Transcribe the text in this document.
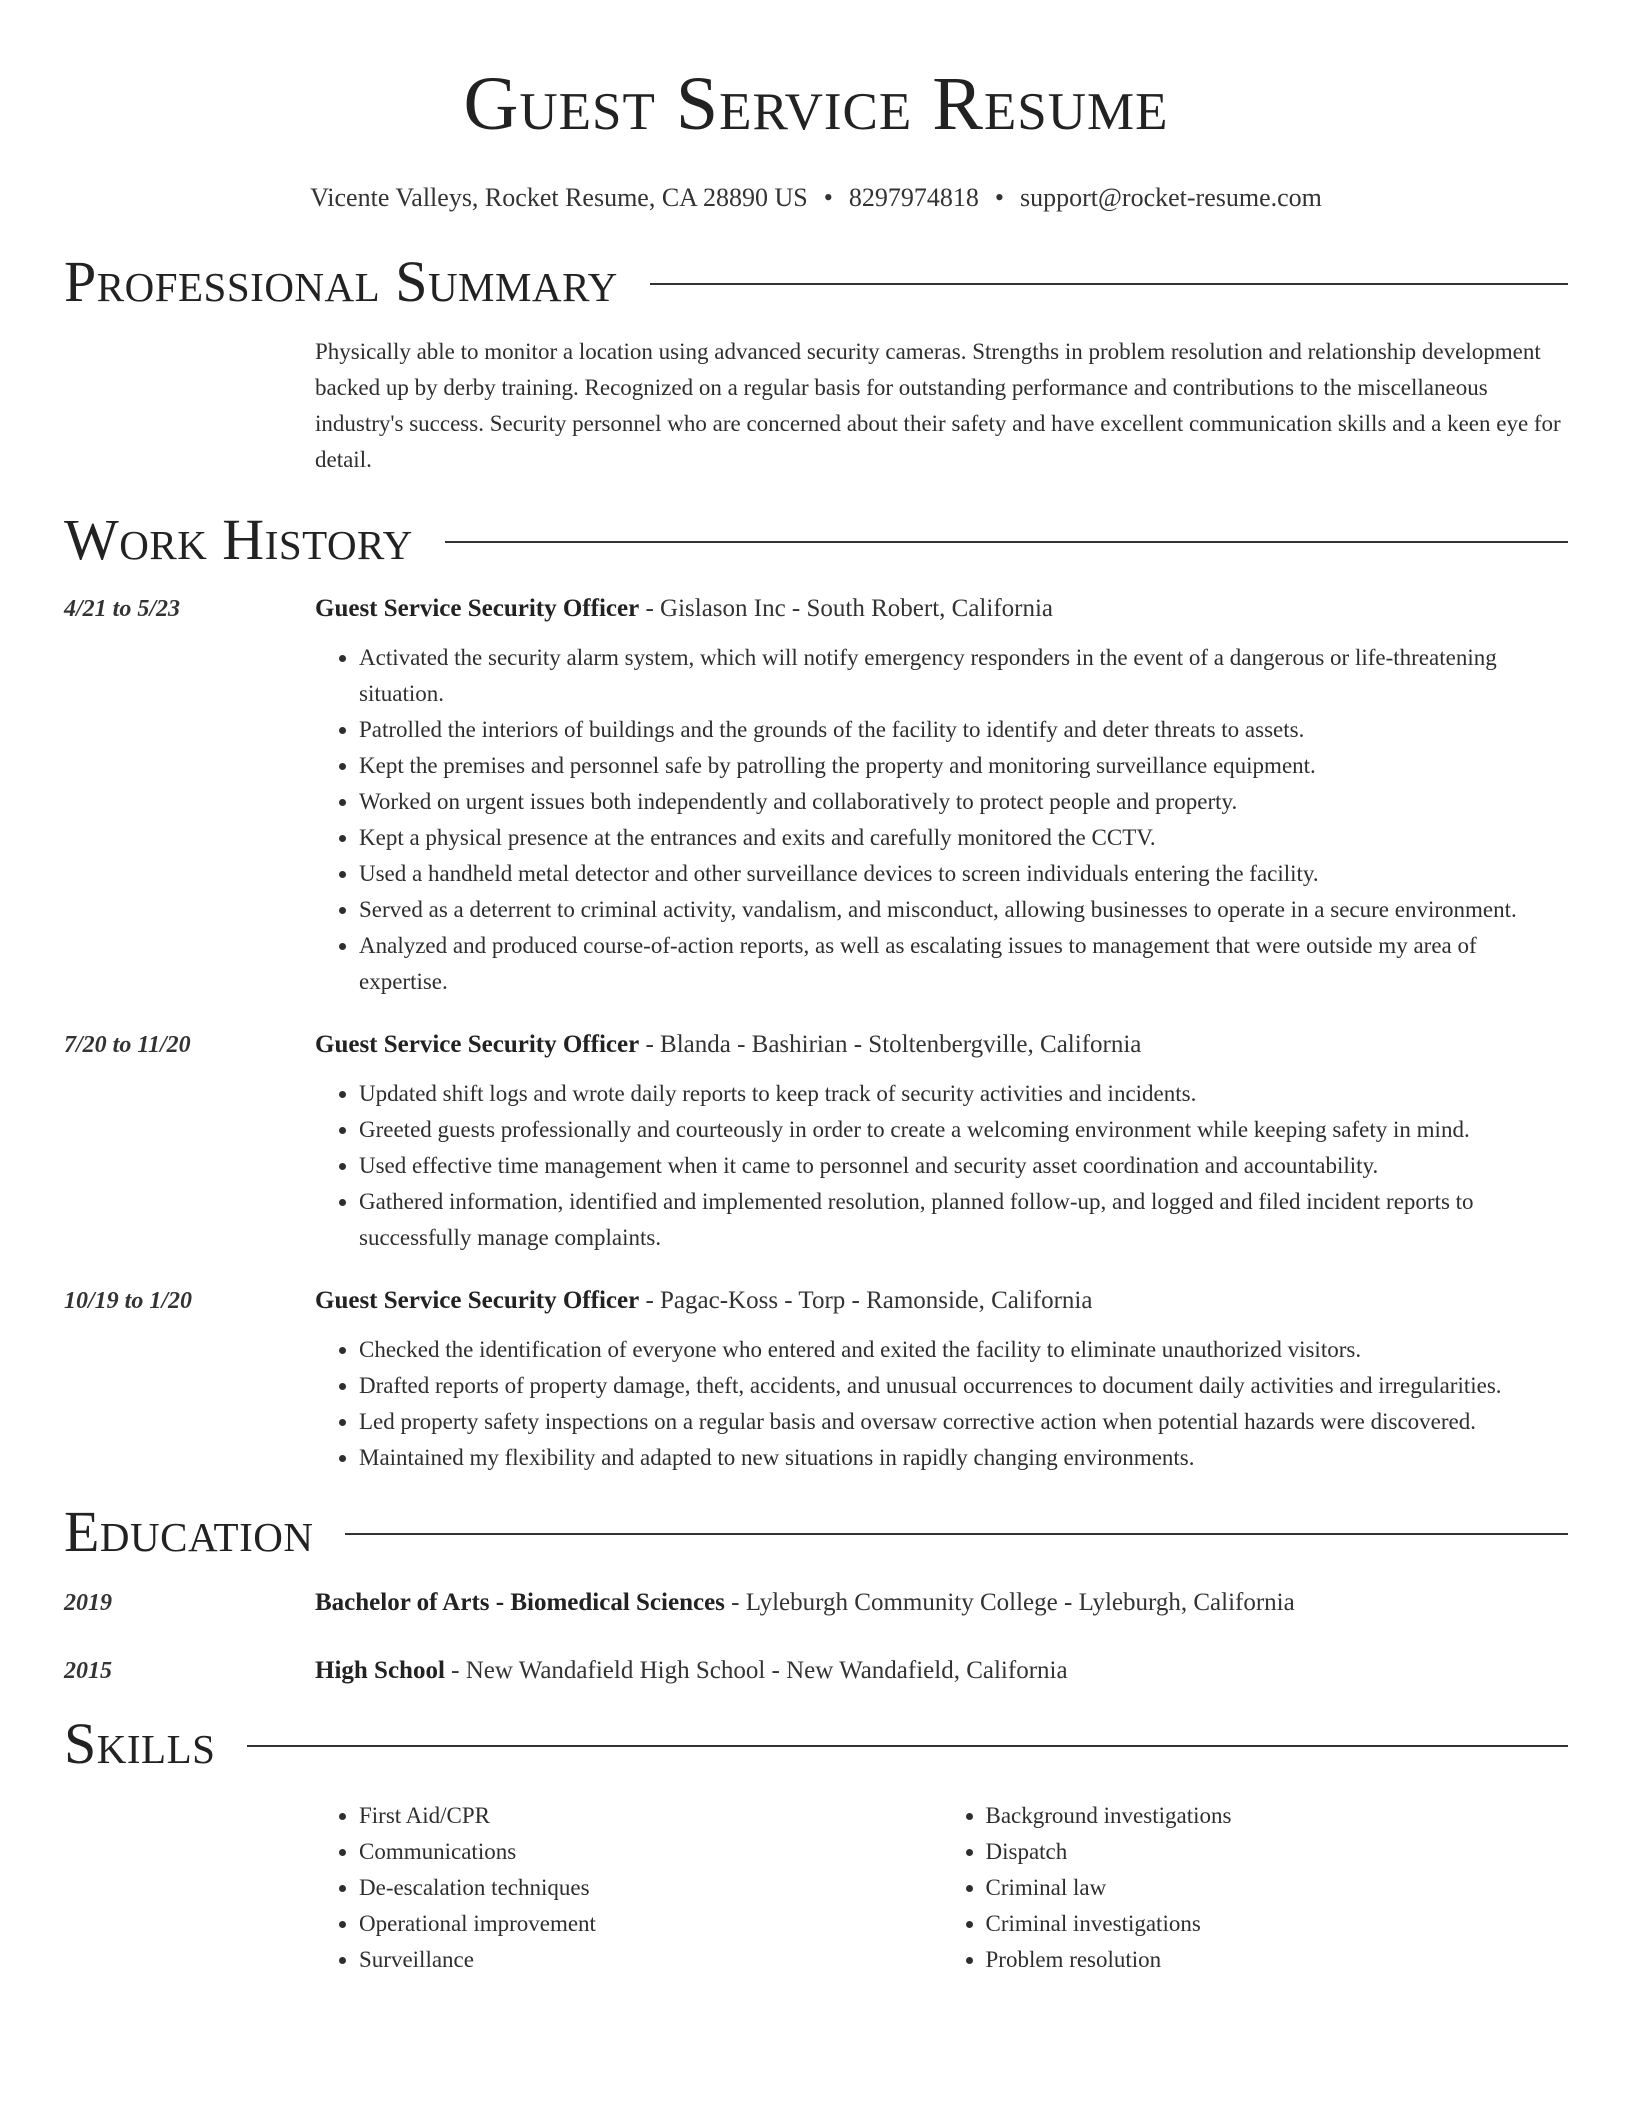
Guest Service Resume
Vicente Valleys, Rocket Resume, CA 28890 US • 8297974818 • support@rocket-resume.com
Professional Summary

Physically able to monitor a location using advanced security cameras. Strengths in problem resolution and relationship development backed up by derby training. Recognized on a regular basis for outstanding performance and contributions to the miscellaneous industry's success. Security personnel who are concerned about their safety and have excellent communication skills and a keen eye for detail.

Work History
4/21 to 5/23	Guest Service Security Officer - Gislason Inc - South Robert, California
• Activated the security alarm system, which will notify emergency responders in the event of a dangerous or life-threatening situation.
• Patrolled the interiors of buildings and the grounds of the facility to identify and deter threats to assets.
• Kept the premises and personnel safe by patrolling the property and monitoring surveillance equipment.
• Worked on urgent issues both independently and collaboratively to protect people and property.
• Kept a physical presence at the entrances and exits and carefully monitored the CCTV.
• Used a handheld metal detector and other surveillance devices to screen individuals entering the facility.
• Served as a deterrent to criminal activity, vandalism, and misconduct, allowing businesses to operate in a secure environment.
• Analyzed and produced course-of-action reports, as well as escalating issues to management that were outside my area of expertise.
7/20 to 11/20	Guest Service Security Officer - Blanda - Bashirian - Stoltenbergville, California
• Updated shift logs and wrote daily reports to keep track of security activities and incidents.
• Greeted guests professionally and courteously in order to create a welcoming environment while keeping safety in mind.
• Used effective time management when it came to personnel and security asset coordination and accountability.
• Gathered information, identified and implemented resolution, planned follow-up, and logged and filed incident reports to successfully manage complaints.
10/19 to 1/20	Guest Service Security Officer - Pagac-Koss - Torp - Ramonside, California
• Checked the identification of everyone who entered and exited the facility to eliminate unauthorized visitors.
• Drafted reports of property damage, theft, accidents, and unusual occurrences to document daily activities and irregularities.
• Led property safety inspections on a regular basis and oversaw corrective action when potential hazards were discovered.
• Maintained my flexibility and adapted to new situations in rapidly changing environments.
Education
2019	Bachelor of Arts - Biomedical Sciences - Lyleburgh Community College - Lyleburgh, California
2015	High School - New Wandafield High School - New Wandafield, California
Skills
• First Aid/CPR
• Communications
• De-escalation techniques
• Operational improvement
• Surveillance
• Background investigations
• Dispatch
• Criminal law
• Criminal investigations
• Problem resolution
